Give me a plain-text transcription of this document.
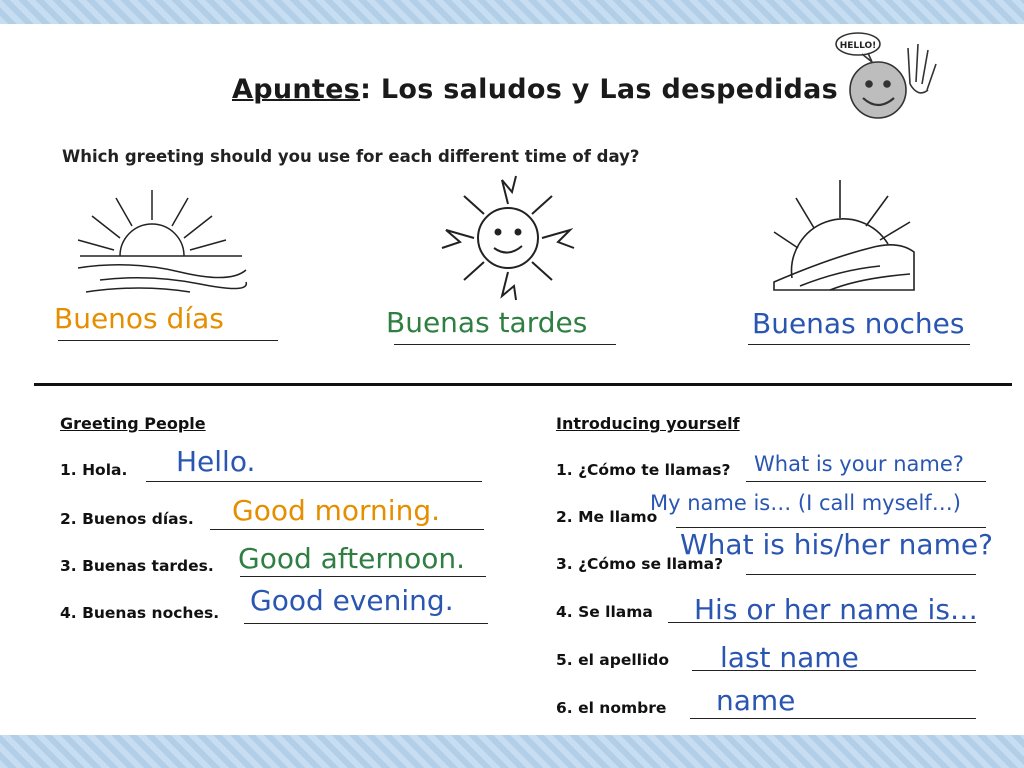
Apuntes: Los saludos y Las despedidas
HELLO!
Which greeting should you use for each different time of day?
Buenos días	Buenas tardes	Buenas noches
Greeting People
1. Hola. Hello.
2. Buenos días. Good morning.
3. Buenas tardes. Good afternoon.
4. Buenas noches. Good evening.
Introducing yourself
1. ¿Cómo te llamas? What is your name?
2. Me llamo
My name is… (I call myself…)
3. ¿Cómo se llama?
What is his/her name?
4. Se llama His or her name is…
5. el apellido last name
6. el nombre name
